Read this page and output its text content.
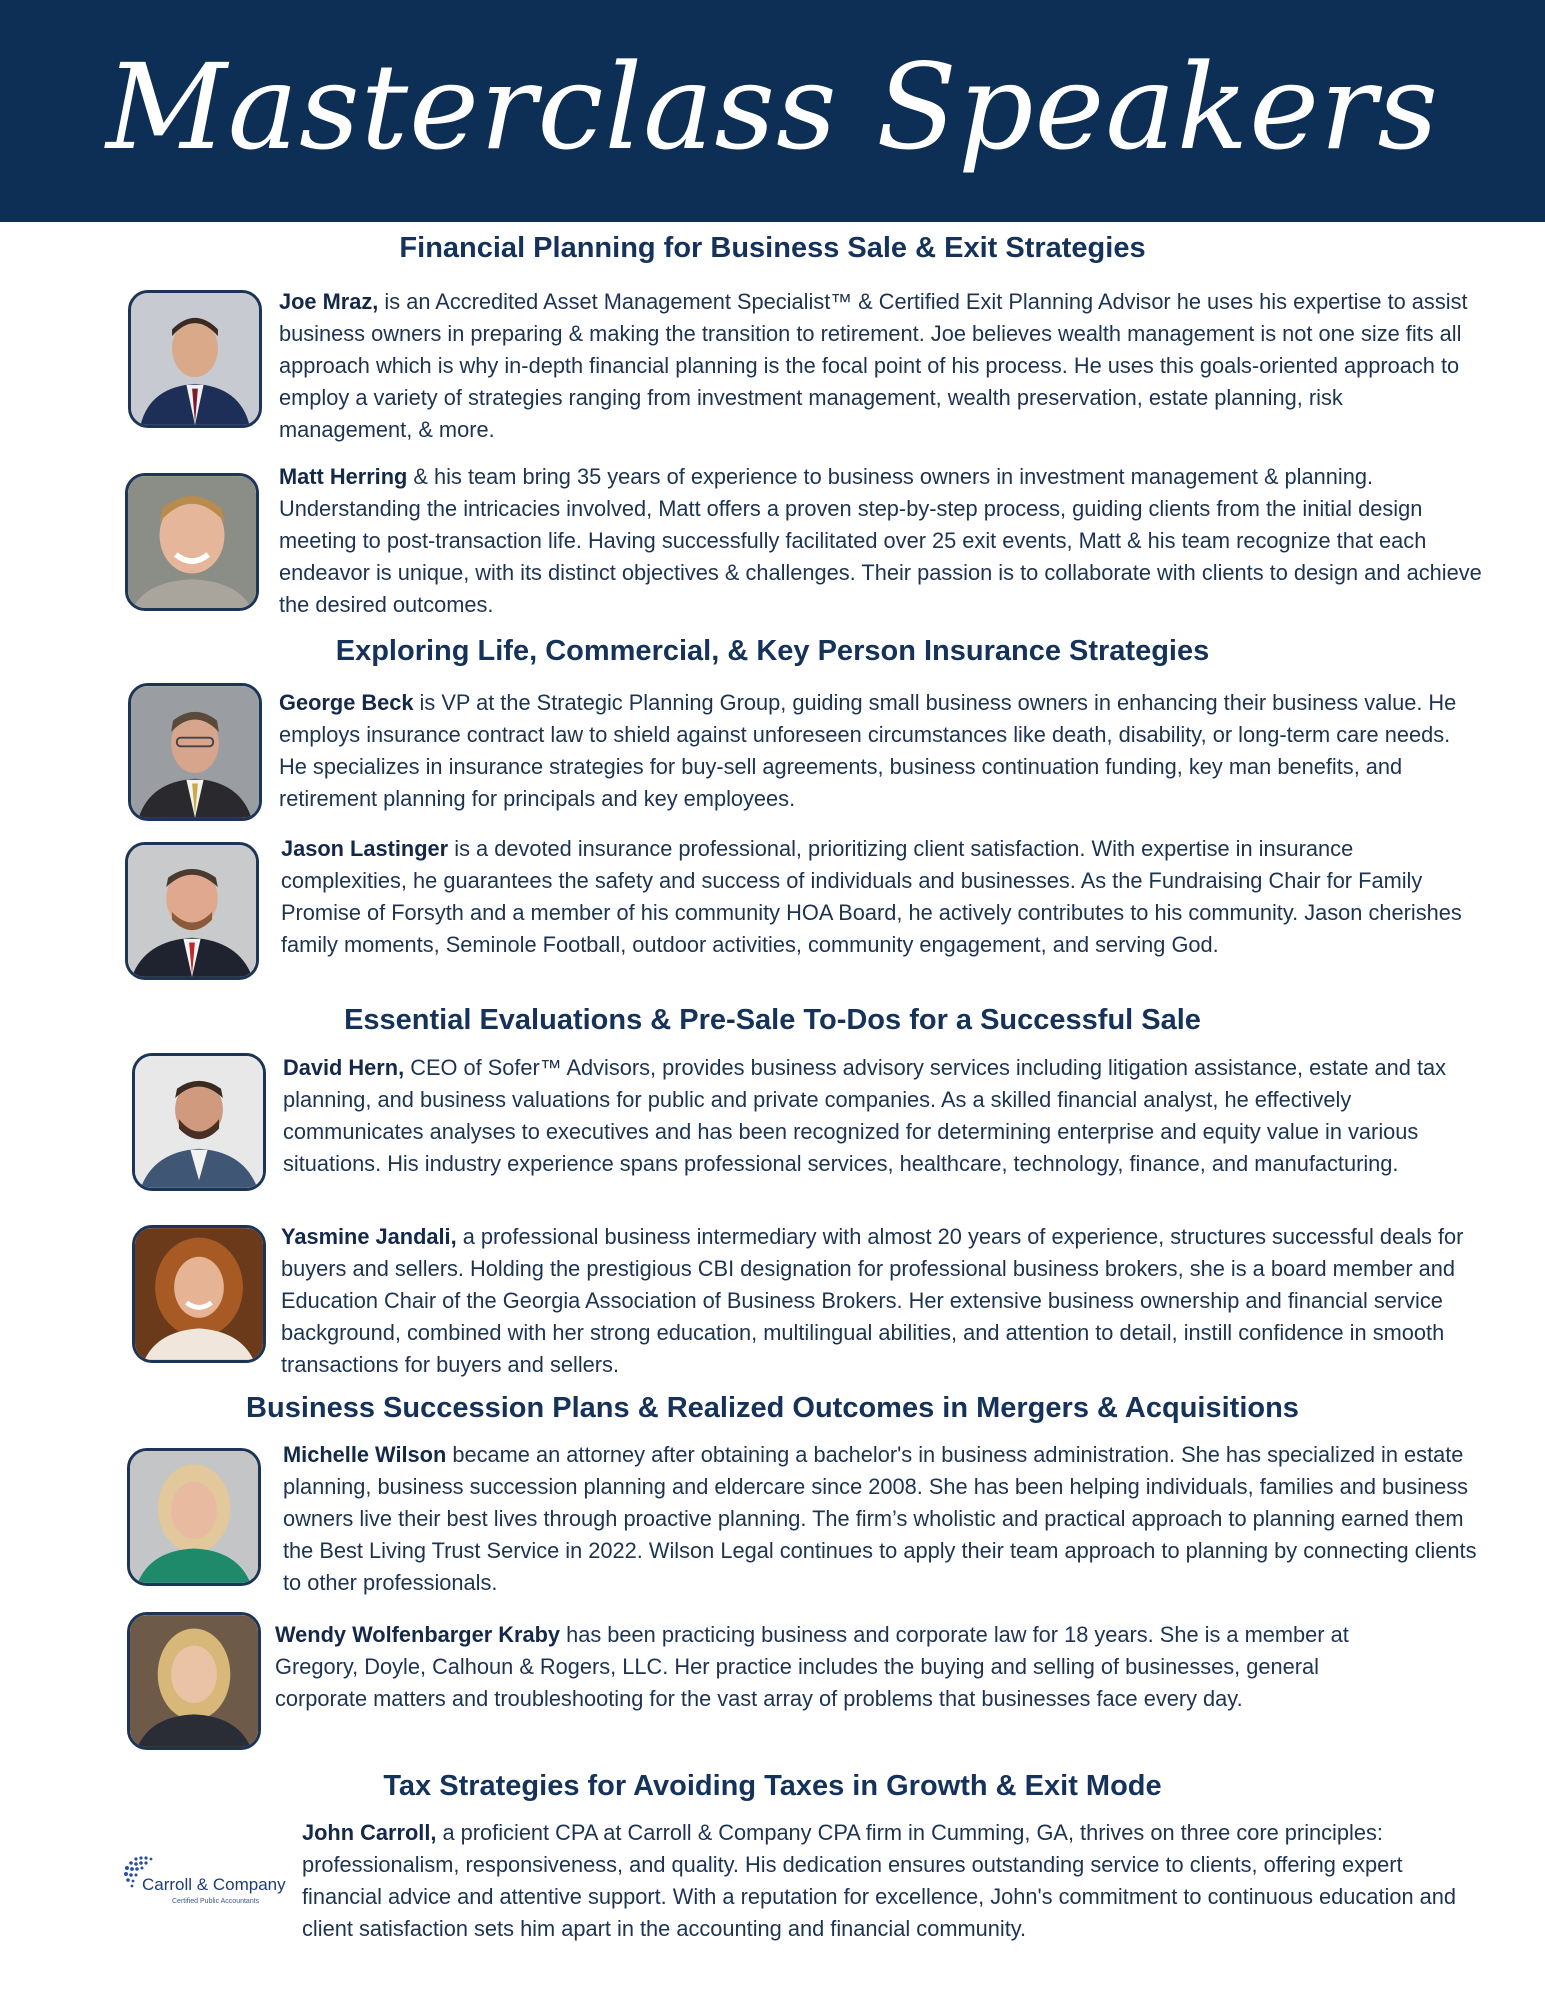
Masterclass Speakers
Financial Planning for Business Sale & Exit Strategies

Joe Mraz, is an Accredited Asset Management Specialist™ & Certified Exit Planning Advisor he uses his expertise to assist business owners in preparing & making the transition to retirement. Joe believes wealth management is not one size fits all approach which is why in-depth financial planning is the focal point of his process. He uses this goals-oriented approach to employ a variety of strategies ranging from investment management, wealth preservation, estate planning, risk management, & more.

Matt Herring & his team bring 35 years of experience to business owners in investment management & planning. Understanding the intricacies involved, Matt offers a proven step-by-step process, guiding clients from the initial design meeting to post-transaction life. Having successfully facilitated over 25 exit events, Matt & his team recognize that each endeavor is unique, with its distinct objectives & challenges. Their passion is to collaborate with clients to design and achieve the desired outcomes.

Exploring Life, Commercial, & Key Person Insurance Strategies

George Beck is VP at the Strategic Planning Group, guiding small business owners in enhancing their business value. He employs insurance contract law to shield against unforeseen circumstances like death, disability, or long-term care needs. He specializes in insurance strategies for buy-sell agreements, business continuation funding, key man benefits, and retirement planning for principals and key employees.

Jason Lastinger is a devoted insurance professional, prioritizing client satisfaction. With expertise in insurance complexities, he guarantees the safety and success of individuals and businesses. As the Fundraising Chair for Family Promise of Forsyth and a member of his community HOA Board, he actively contributes to his community. Jason cherishes family moments, Seminole Football, outdoor activities, community engagement, and serving God.

Essential Evaluations & Pre-Sale To-Dos for a Successful Sale

David Hern, CEO of Sofer™ Advisors, provides business advisory services including litigation assistance, estate and tax planning, and business valuations for public and private companies. As a skilled financial analyst, he effectively communicates analyses to executives and has been recognized for determining enterprise and equity value in various situations. His industry experience spans professional services, healthcare, technology, finance, and manufacturing.

Yasmine Jandali, a professional business intermediary with almost 20 years of experience, structures successful deals for buyers and sellers. Holding the prestigious CBI designation for professional business brokers, she is a board member and Education Chair of the Georgia Association of Business Brokers. Her extensive business ownership and financial service background, combined with her strong education, multilingual abilities, and attention to detail, instill confidence in smooth transactions for buyers and sellers.

Business Succession Plans & Realized Outcomes in Mergers & Acquisitions

Michelle Wilson became an attorney after obtaining a bachelor's in business administration. She has specialized in estate planning, business succession planning and eldercare since 2008. She has been helping individuals, families and business owners live their best lives through proactive planning. The firm’s wholistic and practical approach to planning earned them the Best Living Trust Service in 2022. Wilson Legal continues to apply their team approach to planning by connecting clients to other professionals.

Wendy Wolfenbarger Kraby has been practicing business and corporate law for 18 years. She is a member at Gregory, Doyle, Calhoun & Rogers, LLC. Her practice includes the buying and selling of businesses, general corporate matters and troubleshooting for the vast array of problems that businesses face every day.

Tax Strategies for Avoiding Taxes in Growth & Exit Mode
Carroll & Company
Certified Public Accountants

John Carroll, a proficient CPA at Carroll & Company CPA firm in Cumming, GA, thrives on three core principles: professionalism, responsiveness, and quality. His dedication ensures outstanding service to clients, offering expert financial advice and attentive support. With a reputation for excellence, John's commitment to continuous education and client satisfaction sets him apart in the accounting and financial community.
